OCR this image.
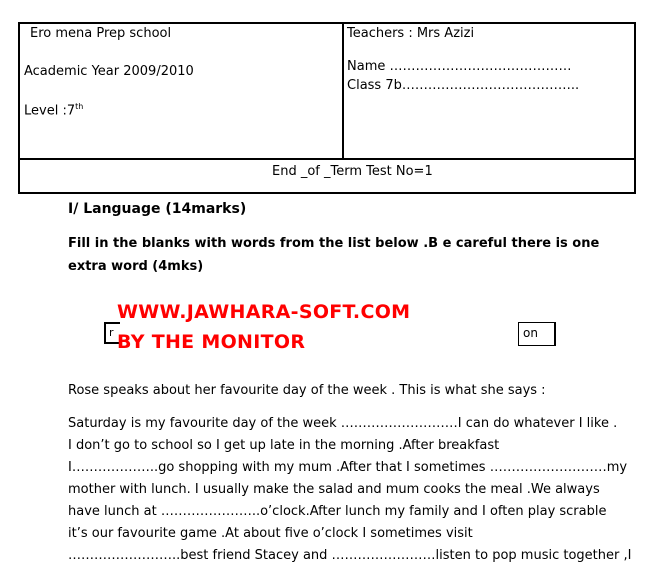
Ero mena Prep school
Academic Year 2009/2010
Level :7th
Teachers : Mrs Azizi
Name ……………………………………
Class 7b…………………………………..
End _of _Term Test No=1
I/ Language (14marks)
Fill in the blanks with words from the list below .B e careful there is one
extra word (4mks)
r	on
WWW.JAWHARA-SOFT.COM
BY THE MONITOR
Rose speaks about her favourite day of the week . This is what she says :
Saturday is my favourite day of the week ………………………I can do whatever I like .
I don’t go to school so I get up late in the morning .After breakfast
I………………..go shopping with my mum .After that I sometimes ………………………my
mother with lunch. I usually make the salad and mum cooks the meal .We always
have lunch at …………………..o’clock.After lunch my family and I often play scrable
it’s our favourite game .At about five o’clock I sometimes visit
……………………..best friend Stacey and ……………………listen to pop music together ,I
